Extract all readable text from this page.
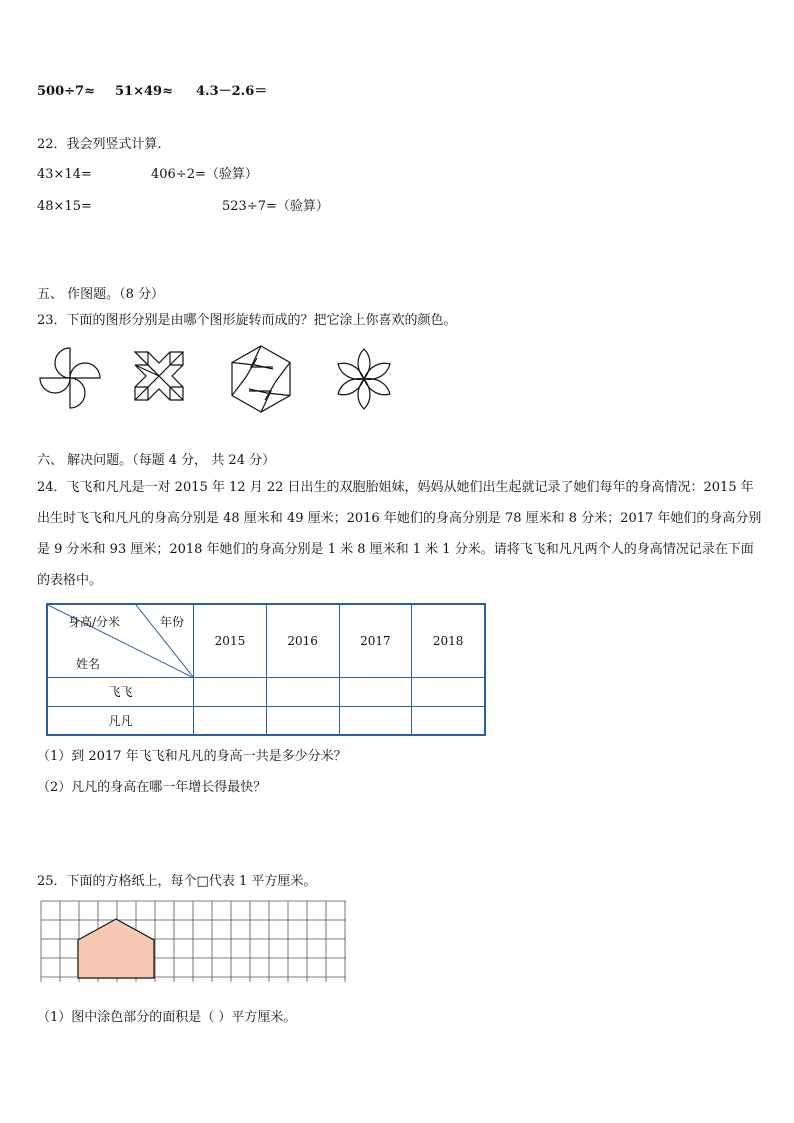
500÷7≈ 51×49≈ 4.3－2.6＝
22．我会列竖式计算.
43×14=	406÷2=（验算）
48×15=	523÷7=（验算）
五、 作图题。（8 分）
23．下面的图形分别是由哪个图形旋转而成的？把它涂上你喜欢的颜色。
六、 解决问题。（每题 4 分， 共 24 分）
24．飞飞和凡凡是一对 2015 年 12 月 22 日出生的双胞胎姐妹，妈妈从她们出生起就记录了她们每年的身高情况：2015 年出生时飞飞和凡凡的身高分别是 48 厘米和 49 厘米；2016 年她们的身高分别是 78 厘米和 8 分米；2017 年她们的身高分别是 9 分米和 93 厘米；2018 年她们的身高分别是 1 米 8 厘米和 1 米 1 分米。请将飞飞和凡凡两个人的身高情况记录在下面的表格中。
身高/分米 年份
姓名	2015	2016	2017	2018
飞飞				
凡凡				
（1）到 2017 年飞飞和凡凡的身高一共是多少分米？
（2）凡凡的身高在哪一年增长得最快？
25．下面的方格纸上，每个□代表 1 平方厘米。
（1）图中涂色部分的面积是（ ）平方厘米。
